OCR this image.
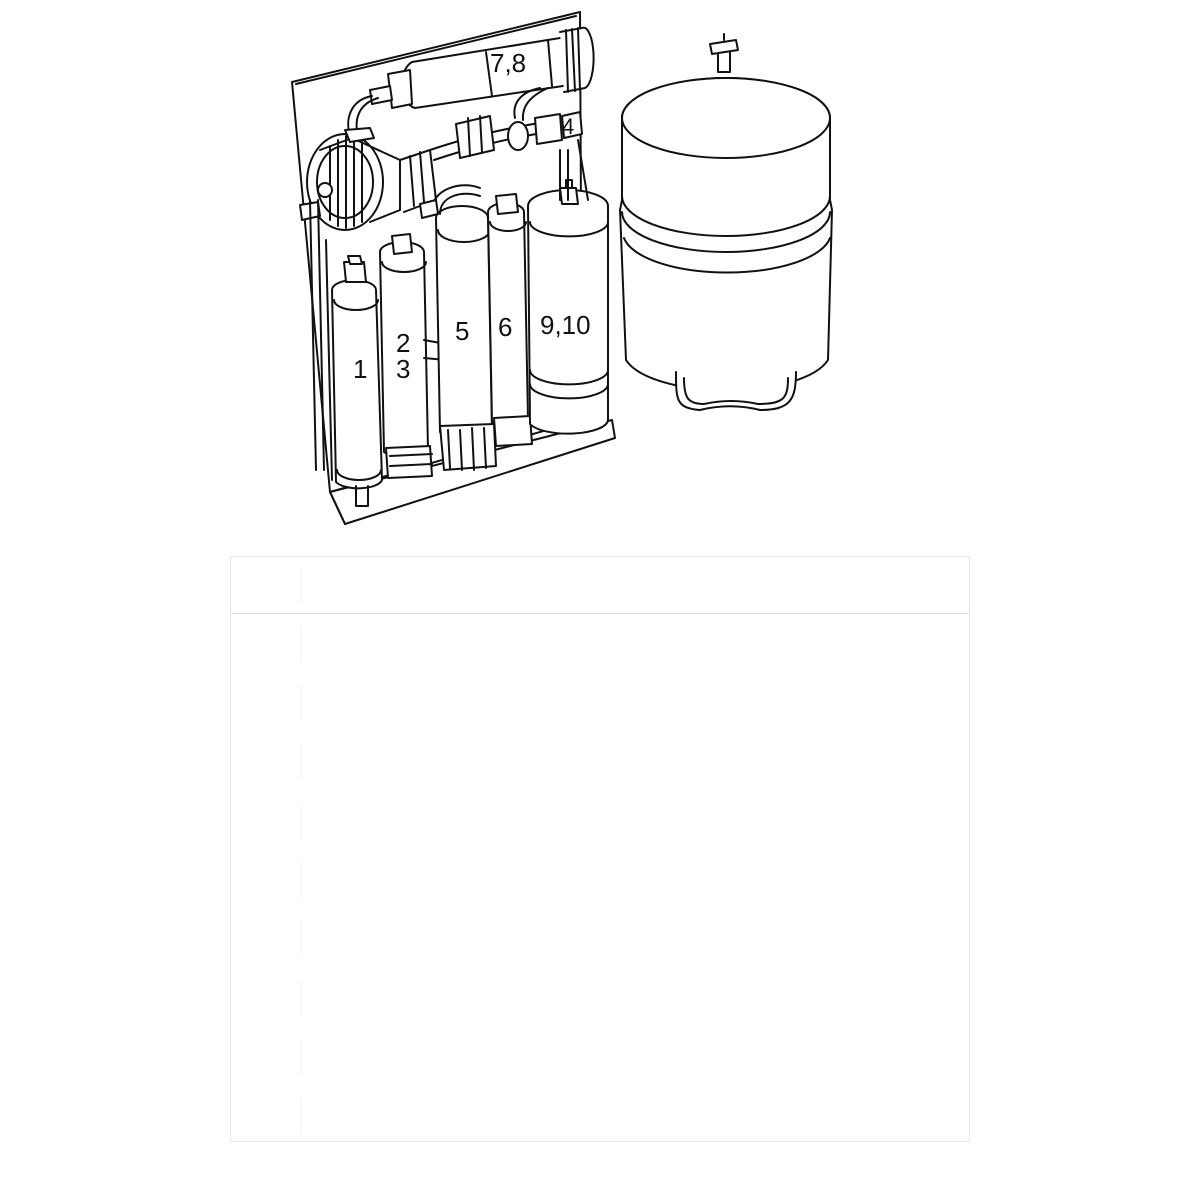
7,8
4
1
2
3
5 6 9,10
